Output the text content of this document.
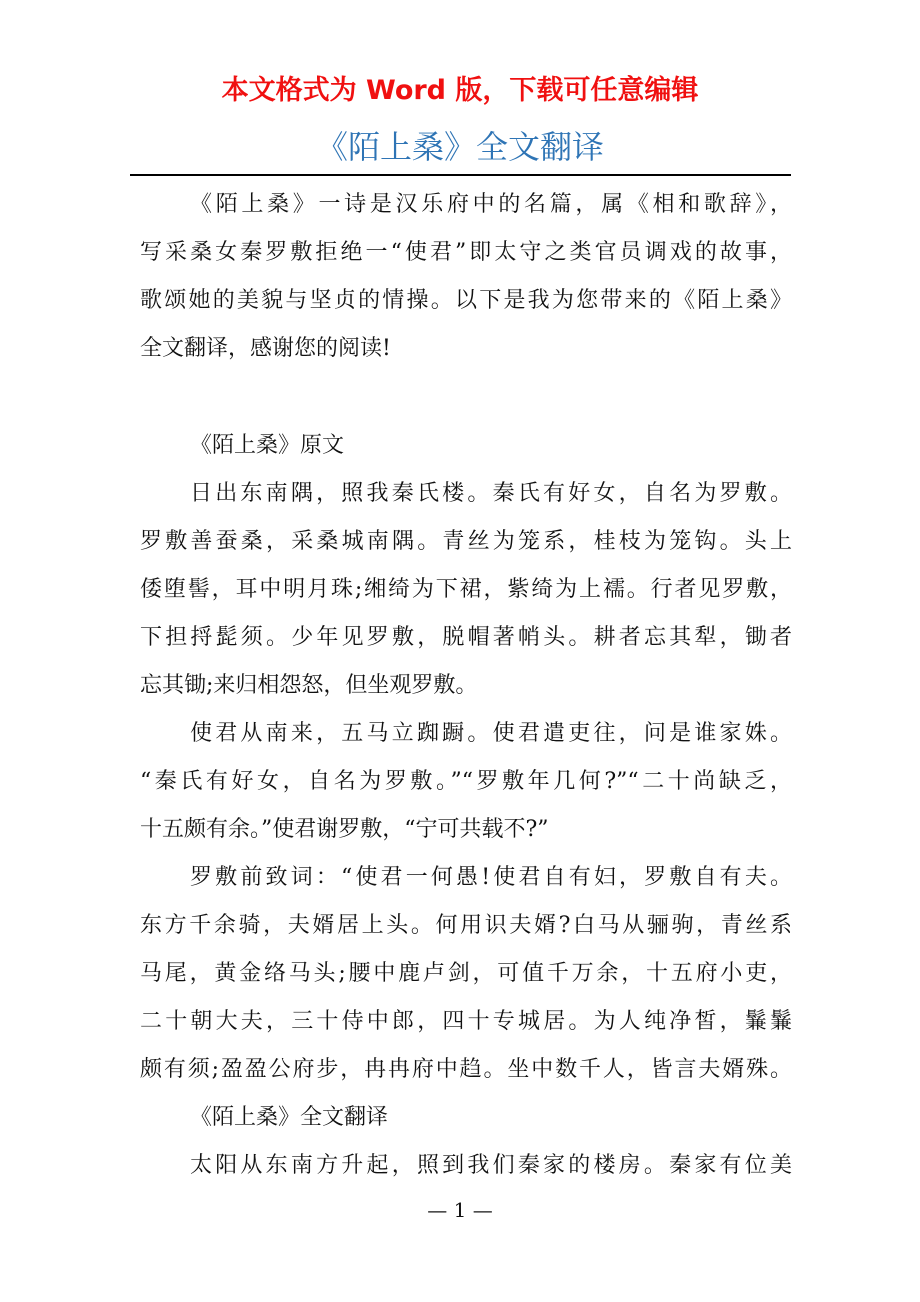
本文格式为 Word 版，下载可任意编辑
《陌上桑》全文翻译
《陌上桑》一诗是汉乐府中的名篇，属《相和歌辞》，
写采桑女秦罗敷拒绝一“使君”即太守之类官员调戏的故事，
歌颂她的美貌与坚贞的情操。以下是我为您带来的《陌上桑》
全文翻译，感谢您的阅读!
《陌上桑》原文
日出东南隅，照我秦氏楼。秦氏有好女，自名为罗敷。
罗敷善蚕桑，采桑城南隅。青丝为笼系，桂枝为笼钩。头上
倭堕髻，耳中明月珠;缃绮为下裙，紫绮为上襦。行者见罗敷，
下担捋髭须。少年见罗敷，脱帽著帩头。耕者忘其犁，锄者
忘其锄;来归相怨怒，但坐观罗敷。
使君从南来，五马立踟蹰。使君遣吏往，问是谁家姝。
“秦氏有好女，自名为罗敷。”“罗敷年几何?”“二十尚缺乏，
十五颇有余。”使君谢罗敷，“宁可共载不?”
罗敷前致词：“使君一何愚!使君自有妇，罗敷自有夫。
东方千余骑，夫婿居上头。何用识夫婿?白马从骊驹，青丝系
马尾，黄金络马头;腰中鹿卢剑，可值千万余，十五府小吏，
二十朝大夫，三十侍中郎，四十专城居。为人纯净皙，鬑鬑
颇有须;盈盈公府步，冉冉府中趋。坐中数千人，皆言夫婿殊。
《陌上桑》全文翻译
太阳从东南方升起，照到我们秦家的楼房。秦家有位美
— 1 —
